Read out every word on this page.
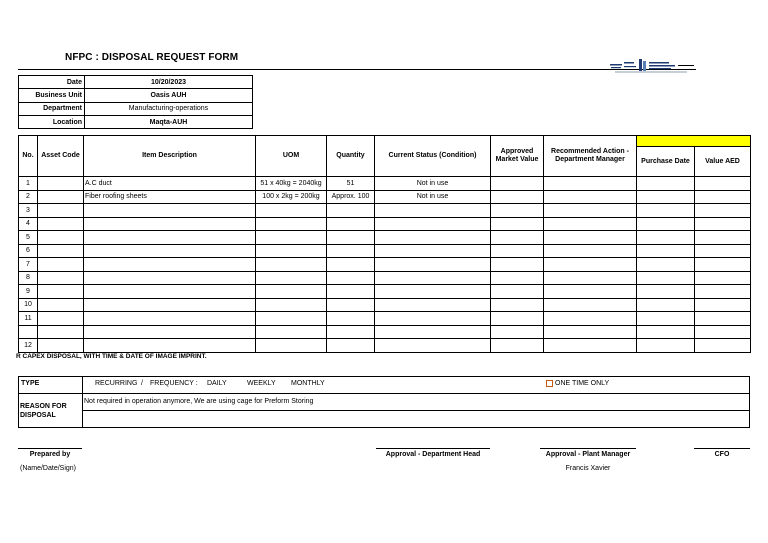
NFPC : DISPOSAL REQUEST FORM
Date	10/20/2023
Business Unit	Oasis AUH
Department	Manufacturing-operations
Location	Maqta-AUH
No.	Asset Code	Item Description	UOM	Quantity	Current Status (Condition)	Approved Market Value	Recommended Action - Department Manager		
								Purchase Date	Value AED
1		A.C duct	51 x 40kg = 2040kg	51	Not in use				
2		Fiber roofing sheets	100 x 2kg = 200kg	Approx. 100	Not in use				
3									
4									
5									
6									
7									
8									
9									
10									
11									

12									
R CAPEX DISPOSAL, WITH TIME & DATE OF IMAGE IMPRINT.
TYPE	RECURRING / FREQUENCY : DAILY	WEEKLY MONTHLY	ONE TIME ONLY
REASON FOR DISPOSAL
Not required in operation anymore, We are using cage for Preform Storing
Prepared by
(Name/Date/Sign)
Approval - Department Head	Approval - Plant Manager
Francis Xavier
CFO
